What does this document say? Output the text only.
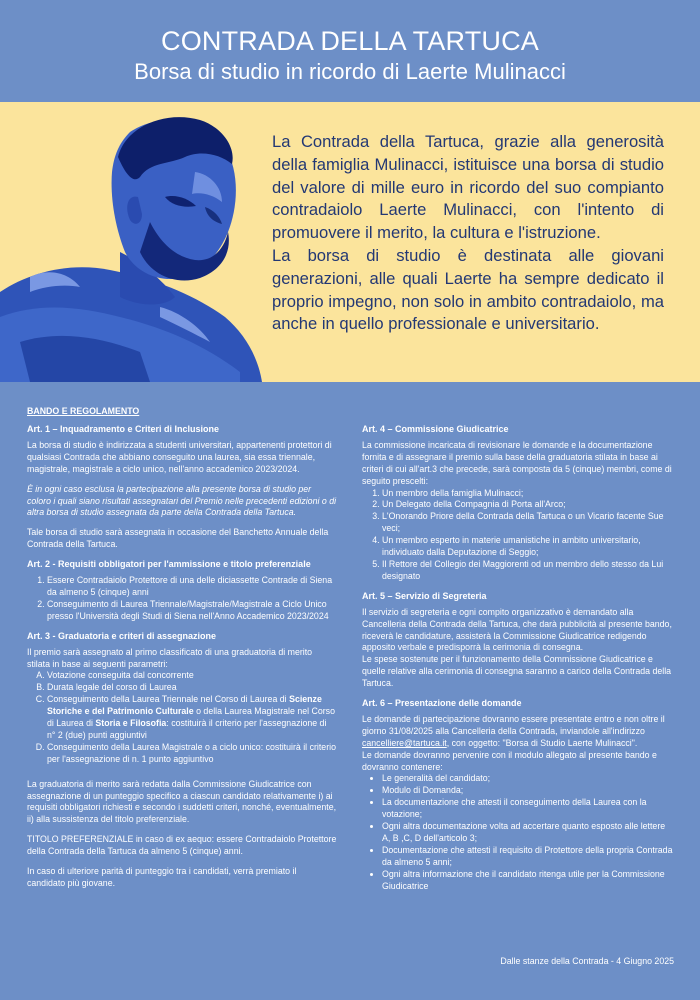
CONTRADA DELLA TARTUCA
Borsa di studio in ricordo di Laerte Mulinacci

La Contrada della Tartuca, grazie alla generosità della famiglia Mulinacci, istituisce una borsa di studio del valore di mille euro in ricordo del suo compianto contradaiolo Laerte Mulinacci, con l'intento di promuovere il merito, la cultura e l'istruzione.

La borsa di studio è destinata alle giovani generazioni, alle quali Laerte ha sempre dedicato il proprio impegno, non solo in ambito contradaiolo, ma anche in quello professionale e universitario.

BANDO E REGOLAMENTO

Art. 1 – Inquadramento e Criteri di Inclusione

La borsa di studio è indirizzata a studenti universitari, appartenenti protettori di qualsiasi Contrada che abbiano conseguito una laurea, sia essa triennale, magistrale, magistrale a ciclo unico, nell'anno accademico 2023/2024.

È in ogni caso esclusa la partecipazione alla presente borsa di studio per coloro i quali siano risultati assegnatari del Premio nelle precedenti edizioni o di altra borsa di studio assegnata da parte della Contrada della Tartuca.

Tale borsa di studio sarà assegnata in occasione del Banchetto Annuale della Contrada della Tartuca.

Art. 2 - Requisiti obbligatori per l'ammissione e titolo preferenziale

1. Essere Contradaiolo Protettore di una delle diciassette Contrade di Siena da almeno 5 (cinque) anni
2. Conseguimento di Laurea Triennale/Magistrale/Magistrale a Ciclo Unico presso l'Università degli Studi di Siena nell'Anno Accademico 2023/2024

Art. 3 - Graduatoria e criteri di assegnazione

Il premio sarà assegnato al primo classificato di una graduatoria di merito stilata in base ai seguenti parametri:

A. Votazione conseguita dal concorrente
B. Durata legale del corso di Laurea
C. Conseguimento della Laurea Triennale nel Corso di Laurea di Scienze Storiche e del Patrimonio Culturale o della Laurea Magistrale nel Corso di Laurea di Storia e Filosofia: costituirà il criterio per l'assegnazione di n° 2 (due) punti aggiuntivi
D. Conseguimento della Laurea Magistrale o a ciclo unico: costituirà il criterio per l'assegnazione di n. 1 punto aggiuntivo

La graduatoria di merito sarà redatta dalla Commissione Giudicatrice con assegnazione di un punteggio specifico a ciascun candidato relativamente i) ai requisiti obbligatori richiesti e secondo i suddetti criteri, nonché, eventualmente, ii) alla sussistenza del titolo preferenziale.

TITOLO PREFERENZIALE in caso di ex aequo: essere Contradaiolo Protettore della Contrada della Tartuca da almeno 5 (cinque) anni.

In caso di ulteriore parità di punteggio tra i candidati, verrà premiato il candidato più giovane.

Art. 4 – Commissione Giudicatrice

La commissione incaricata di revisionare le domande e la documentazione fornita e di assegnare il premio sulla base della graduatoria stilata in base ai criteri di cui all'art.3 che precede, sarà composta da 5 (cinque) membri, come di seguito prescelti:

1. Un membro della famiglia Mulinacci;
2. Un Delegato della Compagnia di Porta all'Arco;
3. L'Onorando Priore della Contrada della Tartuca o un Vicario facente Sue veci;
4. Un membro esperto in materie umanistiche in ambito universitario, individuato dalla Deputazione di Seggio;
5. Il Rettore del Collegio dei Maggiorenti od un membro dello stesso da Lui designato

Art. 5 – Servizio di Segreteria

Il servizio di segreteria e ogni compito organizzativo è demandato alla Cancelleria della Contrada della Tartuca, che darà pubblicità al presente bando, riceverà le candidature, assisterà la Commissione Giudicatrice redigendo apposito verbale e predisporrà la cerimonia di consegna.

Le spese sostenute per il funzionamento della Commissione Giudicatrice e quelle relative alla cerimonia di consegna saranno a carico della Contrada della Tartuca.

Art. 6 – Presentazione delle domande

Le domande di partecipazione dovranno essere presentate entro e non oltre il giorno 31/08/2025 alla Cancelleria della Contrada, inviandole all'indirizzo cancelliere@tartuca.it, con oggetto: "Borsa di Studio Laerte Mulinacci".

Le domande dovranno pervenire con il modulo allegato al presente bando e dovranno contenere:

• Le generalità del candidato;
• Modulo di Domanda;
• La documentazione che attesti il conseguimento della Laurea con la votazione;
• Ogni altra documentazione volta ad accertare quanto esposto alle lettere A, B ,C, D dell'articolo 3;
• Documentazione che attesti il requisito di Protettore della propria Contrada da almeno 5 anni;
• Ogni altra informazione che il candidato ritenga utile per la Commissione Giudicatrice

Dalle stanze della Contrada - 4 Giugno 2025
